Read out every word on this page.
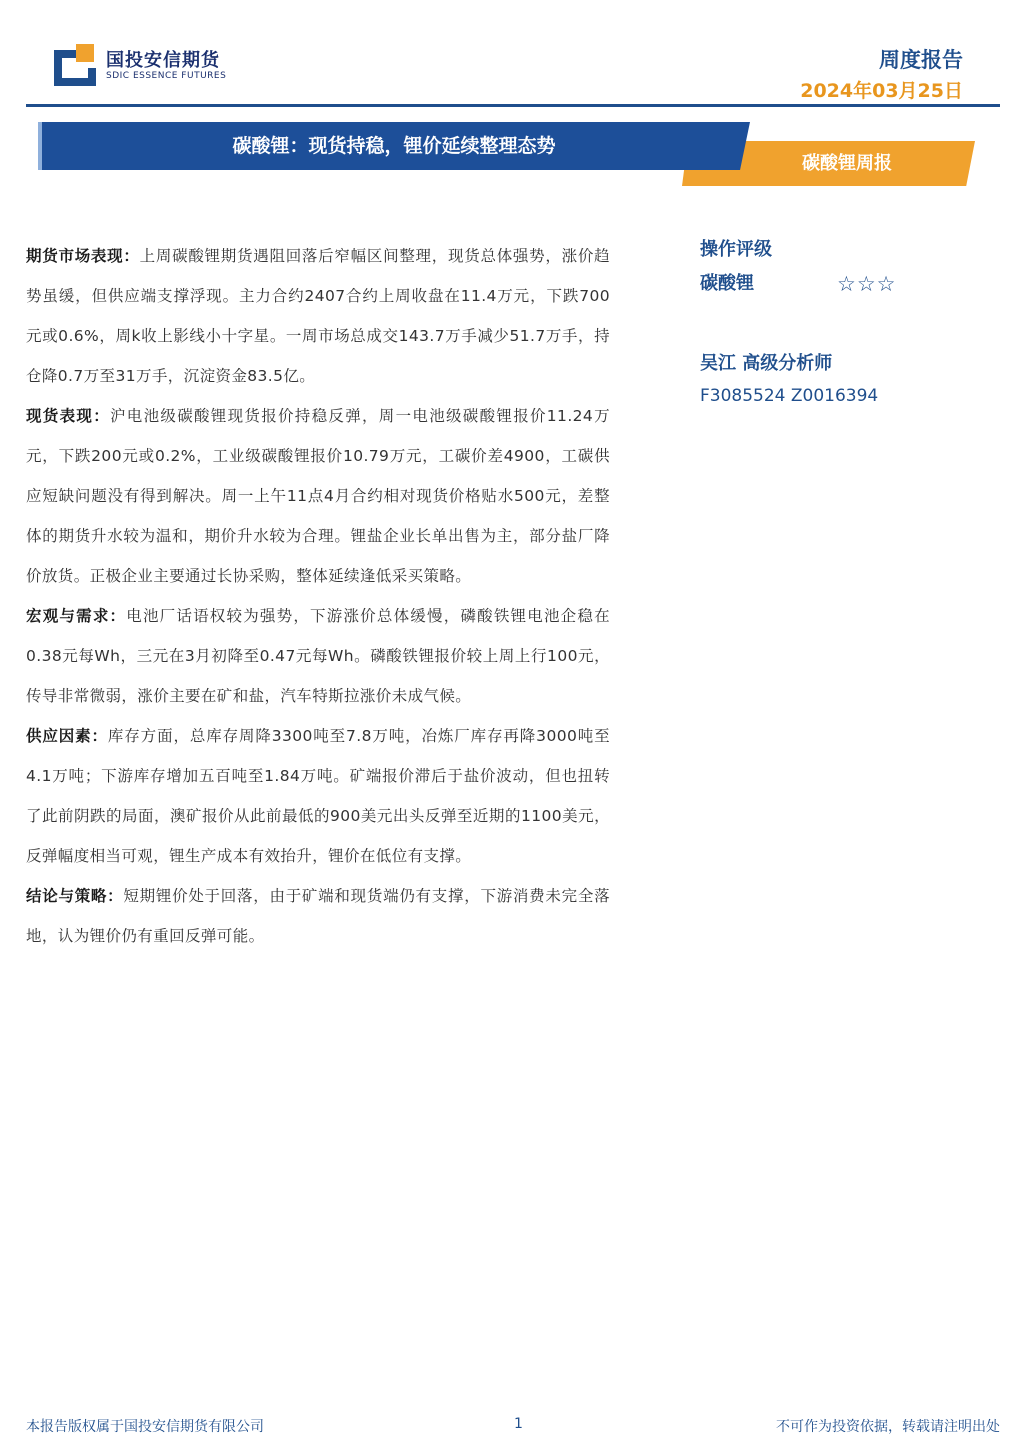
国投安信期货
SDIC ESSENCE FUTURES
周度报告
2024年03月25日
碳酸锂周报
碳酸锂：现货持稳，锂价延续整理态势

期货市场表现：上周碳酸锂期货遇阻回落后窄幅区间整理，现货总体强势，涨价趋势虽缓，但供应端支撑浮现。主力合约2407合约上周收盘在11.4万元，下跌700元或0.6%，周k收上影线小十字星。一周市场总成交143.7万手减少51.7万手，持仓降0.7万至31万手，沉淀资金83.5亿。

现货表现：沪电池级碳酸锂现货报价持稳反弹，周一电池级碳酸锂报价11.24万元，下跌200元或0.2%，工业级碳酸锂报价10.79万元，工碳价差4900，工碳供应短缺问题没有得到解决。周一上午11点4月合约相对现货价格贴水500元，差整体的期货升水较为温和，期价升水较为合理。锂盐企业长单出售为主，部分盐厂降价放货。正极企业主要通过长协采购，整体延续逢低采买策略。

宏观与需求：电池厂话语权较为强势，下游涨价总体缓慢，磷酸铁锂电池企稳在0.38元每Wh，三元在3月初降至0.47元每Wh。磷酸铁锂报价较上周上行100元，传导非常微弱，涨价主要在矿和盐，汽车特斯拉涨价未成气候。

供应因素：库存方面，总库存周降3300吨至7.8万吨，冶炼厂库存再降3000吨至4.1万吨；下游库存增加五百吨至1.84万吨。矿端报价滞后于盐价波动，但也扭转了此前阴跌的局面，澳矿报价从此前最低的900美元出头反弹至近期的1100美元，反弹幅度相当可观，锂生产成本有效抬升，锂价在低位有支撑。

结论与策略：短期锂价处于回落，由于矿端和现货端仍有支撑，下游消费未完全落地，认为锂价仍有重回反弹可能。

操作评级
碳酸锂	☆☆☆
吴江 高级分析师
F3085524 Z0016394
本报告版权属于国投安信期货有限公司	1	不可作为投资依据，转载请注明出处
